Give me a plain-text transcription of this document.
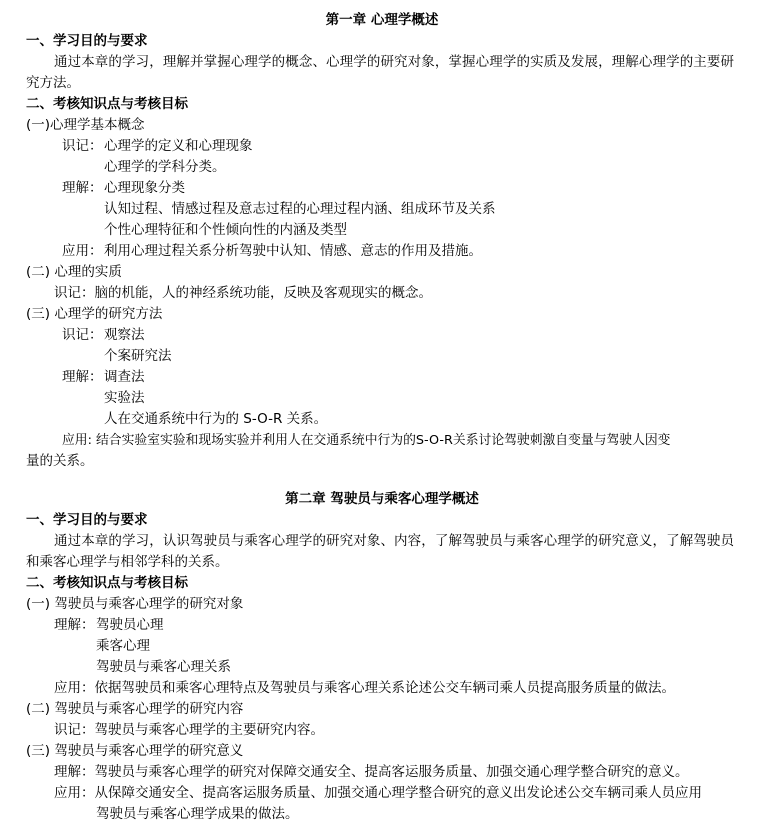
第一章 心理学概述
一、学习目的与要求
通过本章的学习，理解并掌握心理学的概念、心理学的研究对象，掌握心理学的实质及发展，理解心理学的主要研究方法。
二、考核知识点与考核目标
(一)心理学基本概念
识记： 心理学的定义和心理现象
心理学的学科分类。
理解： 心理现象分类
认知过程、情感过程及意志过程的心理过程内涵、组成环节及关系
个性心理特征和个性倾向性的内涵及类型
应用： 利用心理过程关系分析驾驶中认知、情感、意志的作用及措施。
(二) 心理的实质
识记：脑的机能，人的神经系统功能，反映及客观现实的概念。
(三) 心理学的研究方法
识记： 观察法
个案研究法
理解： 调查法
实验法
人在交通系统中行为的 S-O-R 关系。
应用: 结合实验室实验和现场实验并利用人在交通系统中行为的S-O-R关系讨论驾驶刺激自变量与驾驶人因变
量的关系。
第二章 驾驶员与乘客心理学概述
一、学习目的与要求
通过本章的学习，认识驾驶员与乘客心理学的研究对象、内容，了解驾驶员与乘客心理学的研究意义，了解驾驶员和乘客心理学与相邻学科的关系。
二、考核知识点与考核目标
(一) 驾驶员与乘客心理学的研究对象
理解： 驾驶员心理
乘客心理
驾驶员与乘客心理关系
应用：依据驾驶员和乘客心理特点及驾驶员与乘客心理关系论述公交车辆司乘人员提高服务质量的做法。
(二) 驾驶员与乘客心理学的研究内容
识记：驾驶员与乘客心理学的主要研究内容。
(三) 驾驶员与乘客心理学的研究意义
理解：驾驶员与乘客心理学的研究对保障交通安全、提高客运服务质量、加强交通心理学整合研究的意义。
应用：从保障交通安全、提高客运服务质量、加强交通心理学整合研究的意义出发论述公交车辆司乘人员应用
驾驶员与乘客心理学成果的做法。
